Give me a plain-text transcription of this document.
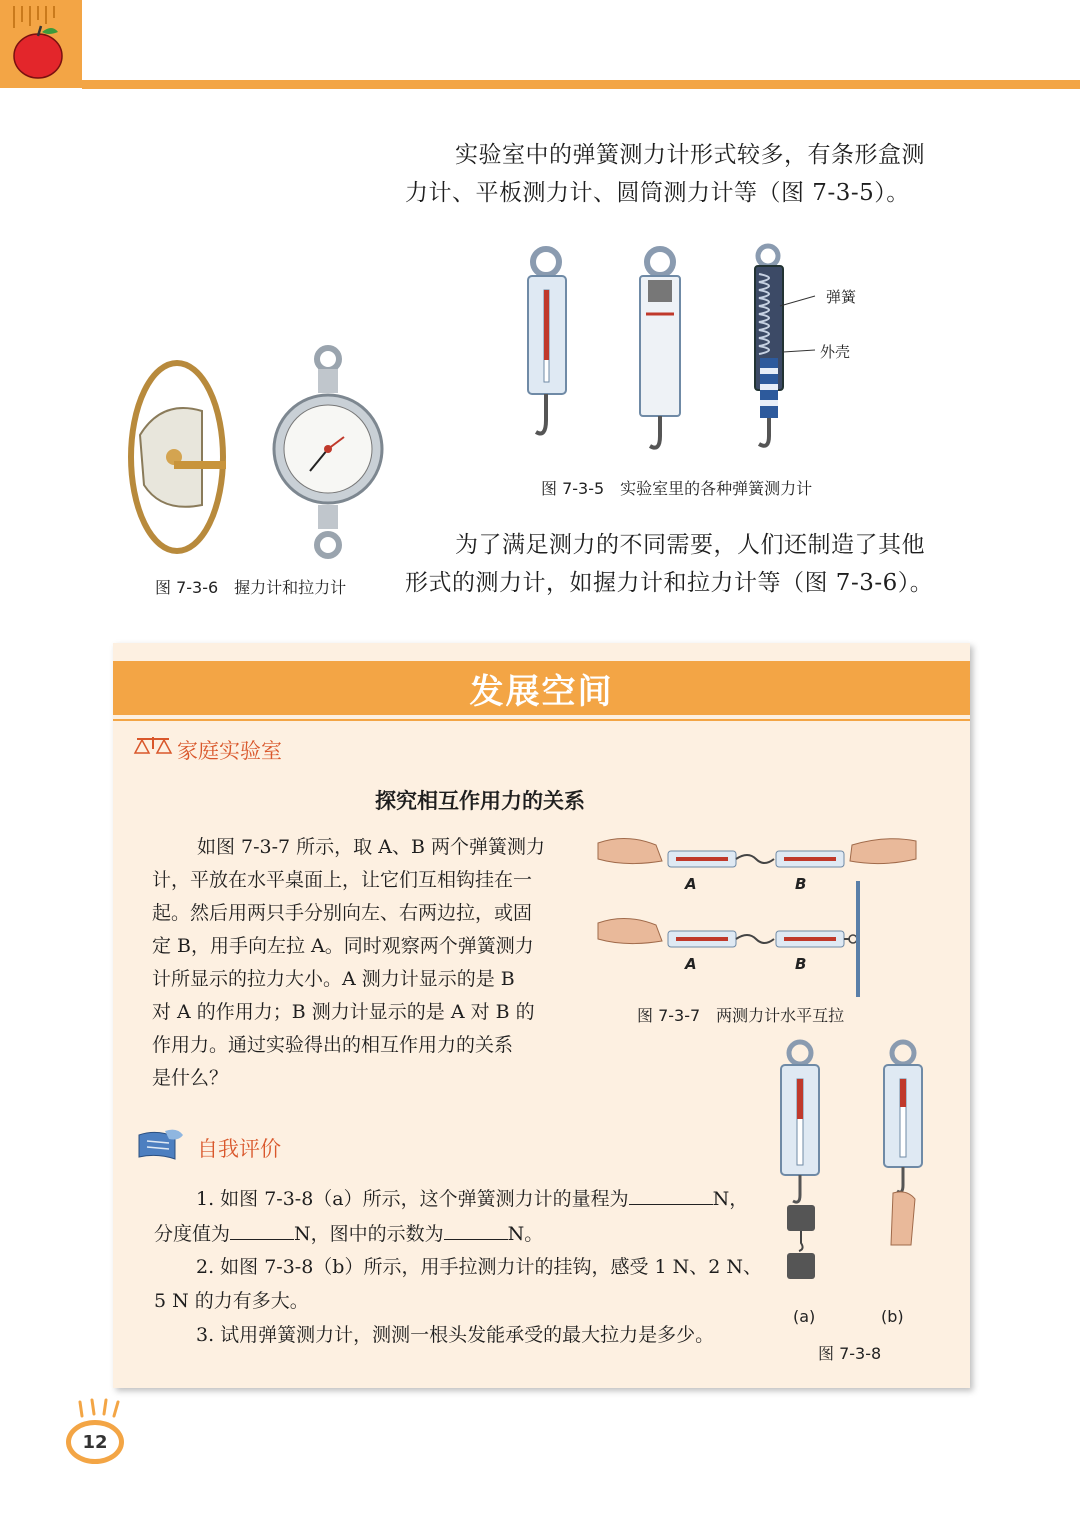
实验室中的弹簧测力计形式较多，有条形盒测
力计、平板测力计、圆筒测力计等（图 7-3-5）。
弹簧
外壳
图 7-3-5　实验室里的各种弹簧测力计
图 7-3-6　握力计和拉力计
为了满足测力的不同需要，人们还制造了其他
形式的测力计，如握力计和拉力计等（图 7-3-6）。
发展空间
家庭实验室
探究相互作用力的关系
如图 7-3-7 所示，取 A、B 两个弹簧测力
计，平放在水平桌面上，让它们互相钩挂在一
起。然后用两只手分别向左、右两边拉，或固
定 B，用手向左拉 A。同时观察两个弹簧测力
计所显示的拉力大小。A 测力计显示的是 B
对 A 的作用力；B 测力计显示的是 A 对 B 的
作用力。通过实验得出的相互作用力的关系
是什么？
A	B
A	B
图 7-3-7　两测力计水平互拉
自我评价
1. 如图 7-3-8（a）所示，这个弹簧测力计的量程为	N，
分度值为	N，图中的示数为	N。
2. 如图 7-3-8（b）所示，用手拉测力计的挂钩，感受 1 N、2 N、
5 N 的力有多大。
3. 试用弹簧测力计，测测一根头发能承受的最大拉力是多少。
(a)	(b)
图 7-3-8
12
